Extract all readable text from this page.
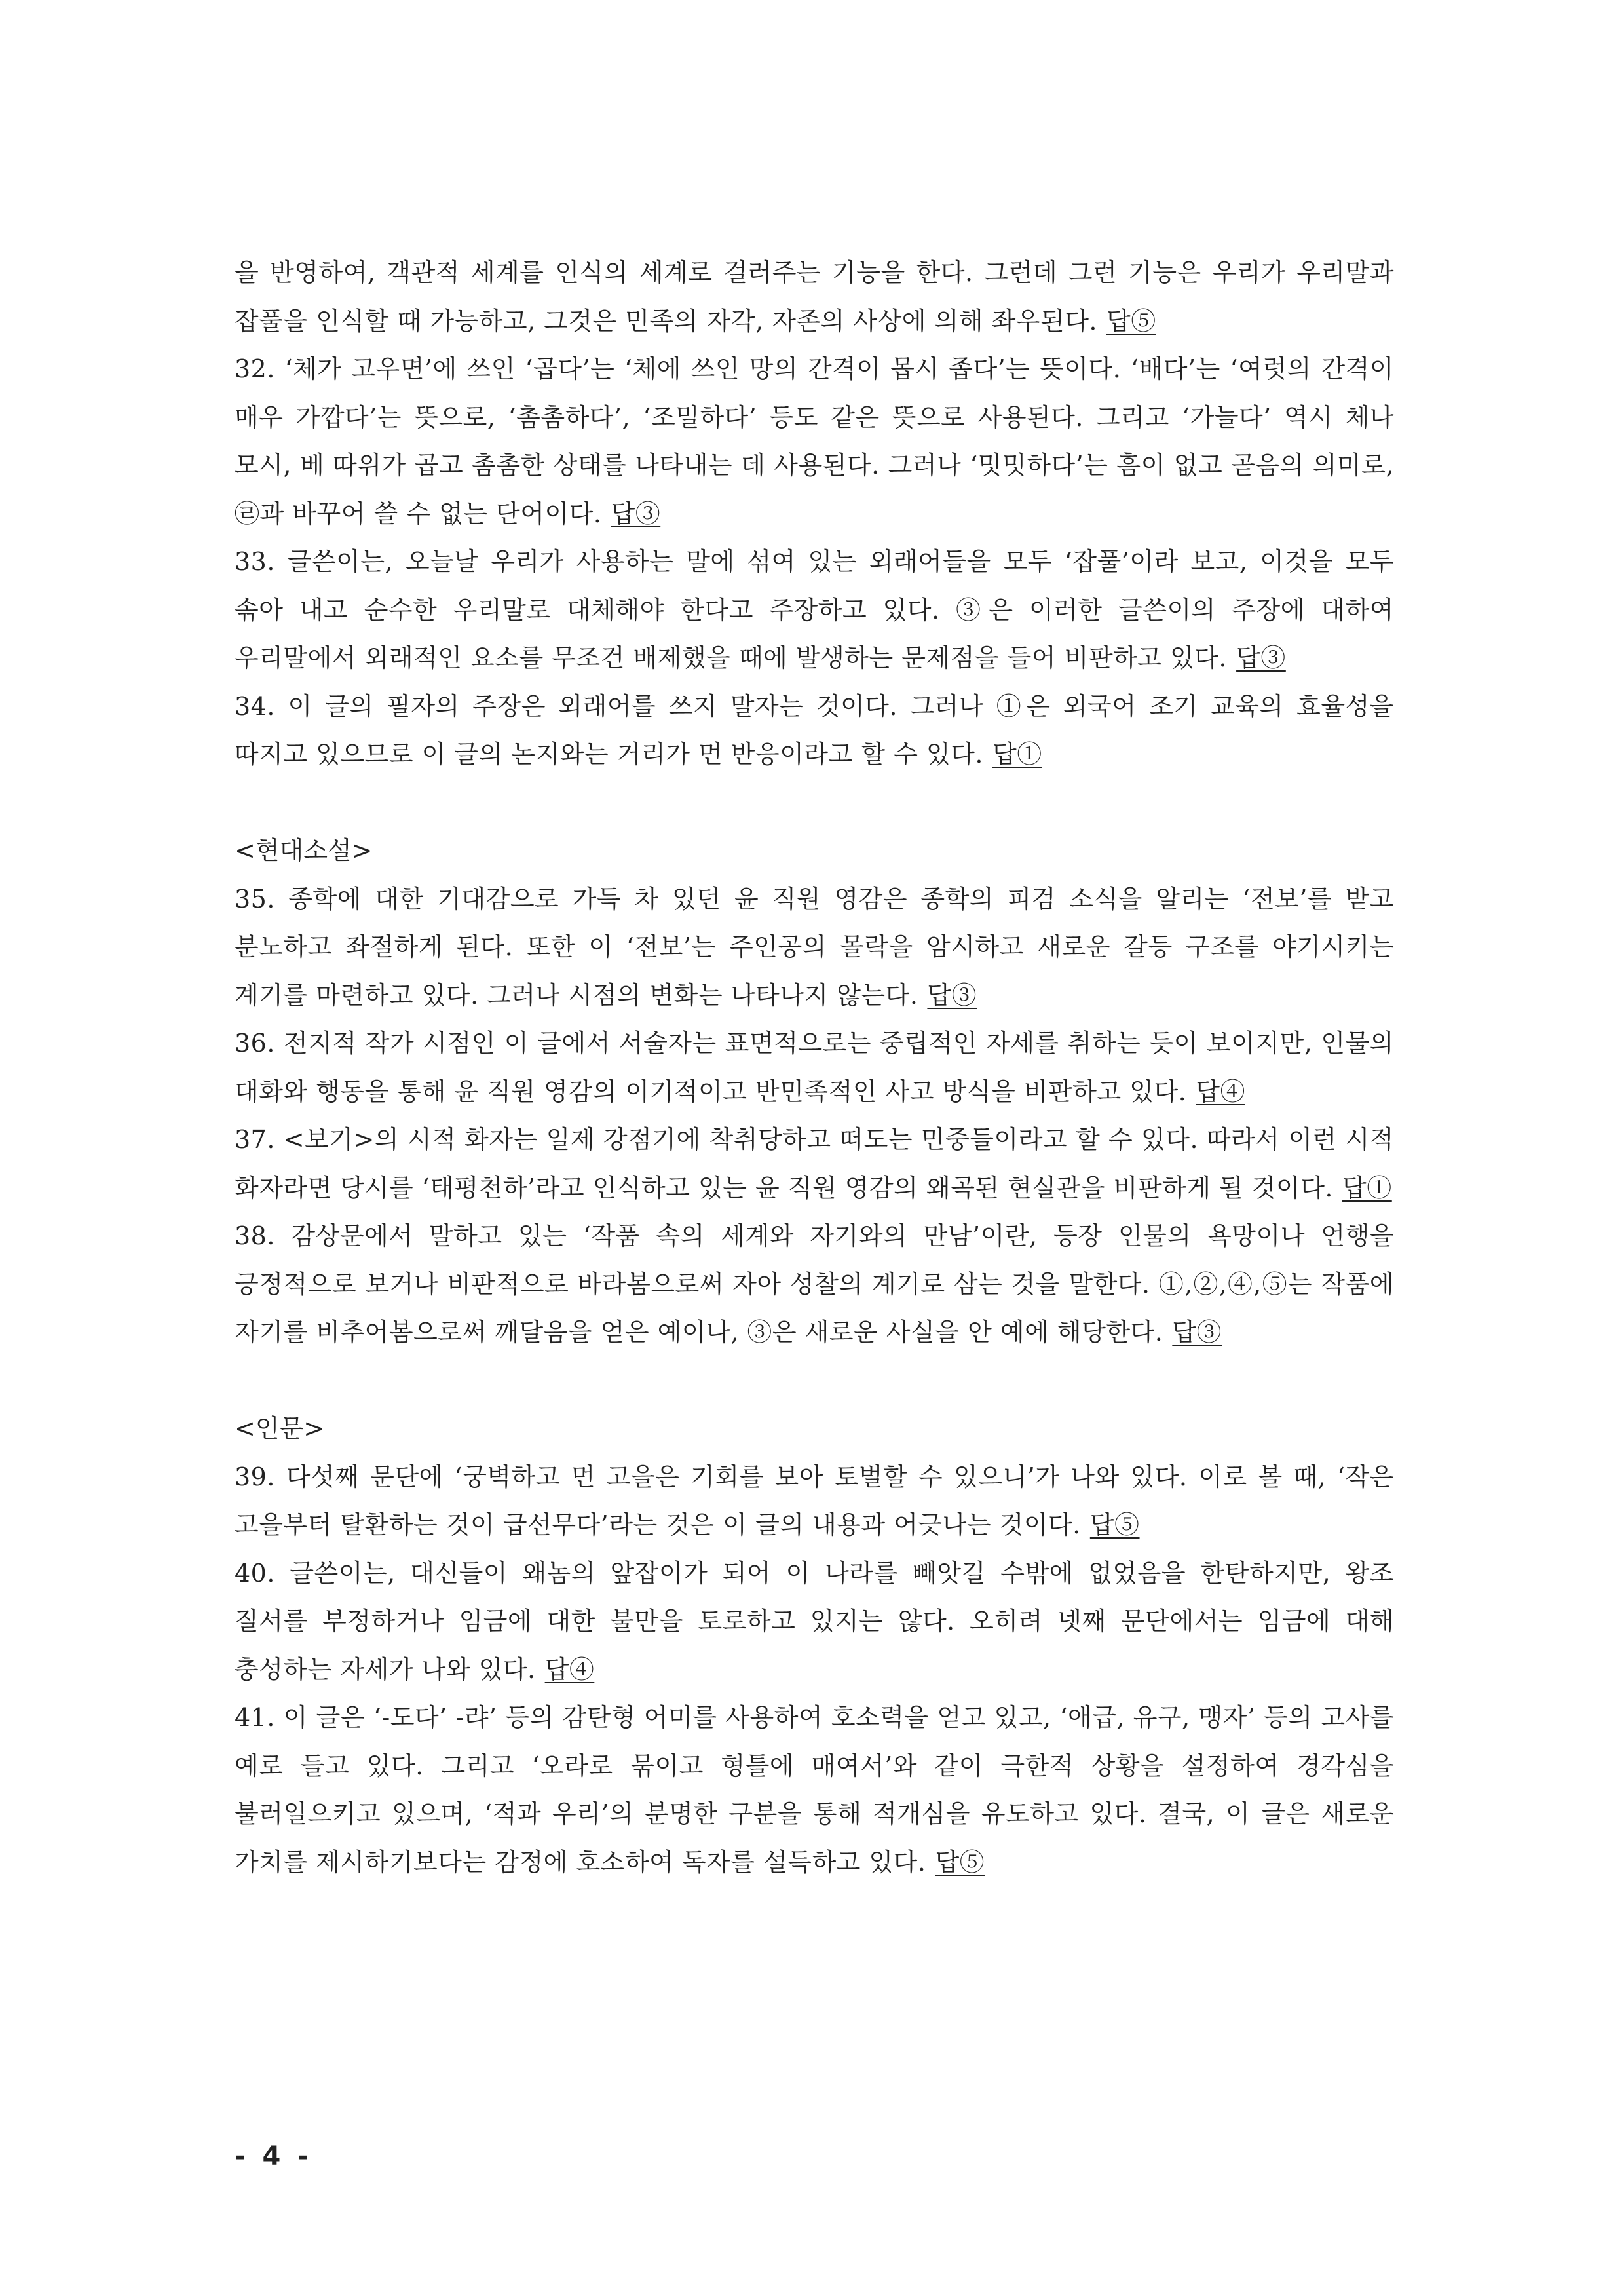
을 반영하여, 객관적 세계를 인식의 세계로 걸러주는 기능을 한다. 그런데 그런 기능은 우리가 우리말과 잡풀을 인식할 때 가능하고, 그것은 민족의 자각, 자존의 사상에 의해 좌우된다. 답⑤

32. ‘체가 고우면’에 쓰인 ‘곱다’는 ‘체에 쓰인 망의 간격이 몹시 좁다’는 뜻이다. ‘배다’는 ‘여럿의 간격이 매우 가깝다’는 뜻으로, ‘촘촘하다’, ‘조밀하다’ 등도 같은 뜻으로 사용된다. 그리고 ‘가늘다’ 역시 체나 모시, 베 따위가 곱고 촘촘한 상태를 나타내는 데 사용된다. 그러나 ‘밋밋하다’는 흠이 없고 곧음의 의미로, ㉣과 바꾸어 쓸 수 없는 단어이다. 답③

33. 글쓴이는, 오늘날 우리가 사용하는 말에 섞여 있는 외래어들을 모두 ‘잡풀’이라 보고, 이것을 모두 솎아 내고 순수한 우리말로 대체해야 한다고 주장하고 있다. ③은 이러한 글쓴이의 주장에 대하여 우리말에서 외래적인 요소를 무조건 배제했을 때에 발생하는 문제점을 들어 비판하고 있다. 답③

34. 이 글의 필자의 주장은 외래어를 쓰지 말자는 것이다. 그러나 ①은 외국어 조기 교육의 효율성을 따지고 있으므로 이 글의 논지와는 거리가 먼 반응이라고 할 수 있다. 답①

<현대소설>

35. 종학에 대한 기대감으로 가득 차 있던 윤 직원 영감은 종학의 피검 소식을 알리는 ‘전보’를 받고 분노하고 좌절하게 된다. 또한 이 ‘전보’는 주인공의 몰락을 암시하고 새로운 갈등 구조를 야기시키는 계기를 마련하고 있다. 그러나 시점의 변화는 나타나지 않는다. 답③

36. 전지적 작가 시점인 이 글에서 서술자는 표면적으로는 중립적인 자세를 취하는 듯이 보이지만, 인물의 대화와 행동을 통해 윤 직원 영감의 이기적이고 반민족적인 사고 방식을 비판하고 있다. 답④

37. <보기>의 시적 화자는 일제 강점기에 착취당하고 떠도는 민중들이라고 할 수 있다. 따라서 이런 시적 화자라면 당시를 ‘태평천하’라고 인식하고 있는 윤 직원 영감의 왜곡된 현실관을 비판하게 될 것이다. 답①

38. 감상문에서 말하고 있는 ‘작품 속의 세계와 자기와의 만남’이란, 등장 인물의 욕망이나 언행을 긍정적으로 보거나 비판적으로 바라봄으로써 자아 성찰의 계기로 삼는 것을 말한다. ①,②,④,⑤는 작품에 자기를 비추어봄으로써 깨달음을 얻은 예이나, ③은 새로운 사실을 안 예에 해당한다. 답③

<인문>

39. 다섯째 문단에 ‘궁벽하고 먼 고을은 기회를 보아 토벌할 수 있으니’가 나와 있다. 이로 볼 때, ‘작은 고을부터 탈환하는 것이 급선무다’라는 것은 이 글의 내용과 어긋나는 것이다. 답⑤

40. 글쓴이는, 대신들이 왜놈의 앞잡이가 되어 이 나라를 빼앗길 수밖에 없었음을 한탄하지만, 왕조 질서를 부정하거나 임금에 대한 불만을 토로하고 있지는 않다. 오히려 넷째 문단에서는 임금에 대해 충성하는 자세가 나와 있다. 답④

41. 이 글은 ‘-도다’ -랴’ 등의 감탄형 어미를 사용하여 호소력을 얻고 있고, ‘애급, 유구, 맹자’ 등의 고사를 예로 들고 있다. 그리고 ‘오라로 묶이고 형틀에 매여서’와 같이 극한적 상황을 설정하여 경각심을 불러일으키고 있으며, ‘적과 우리’의 분명한 구분을 통해 적개심을 유도하고 있다. 결국, 이 글은 새로운 가치를 제시하기보다는 감정에 호소하여 독자를 설득하고 있다. 답⑤

- 4 -
